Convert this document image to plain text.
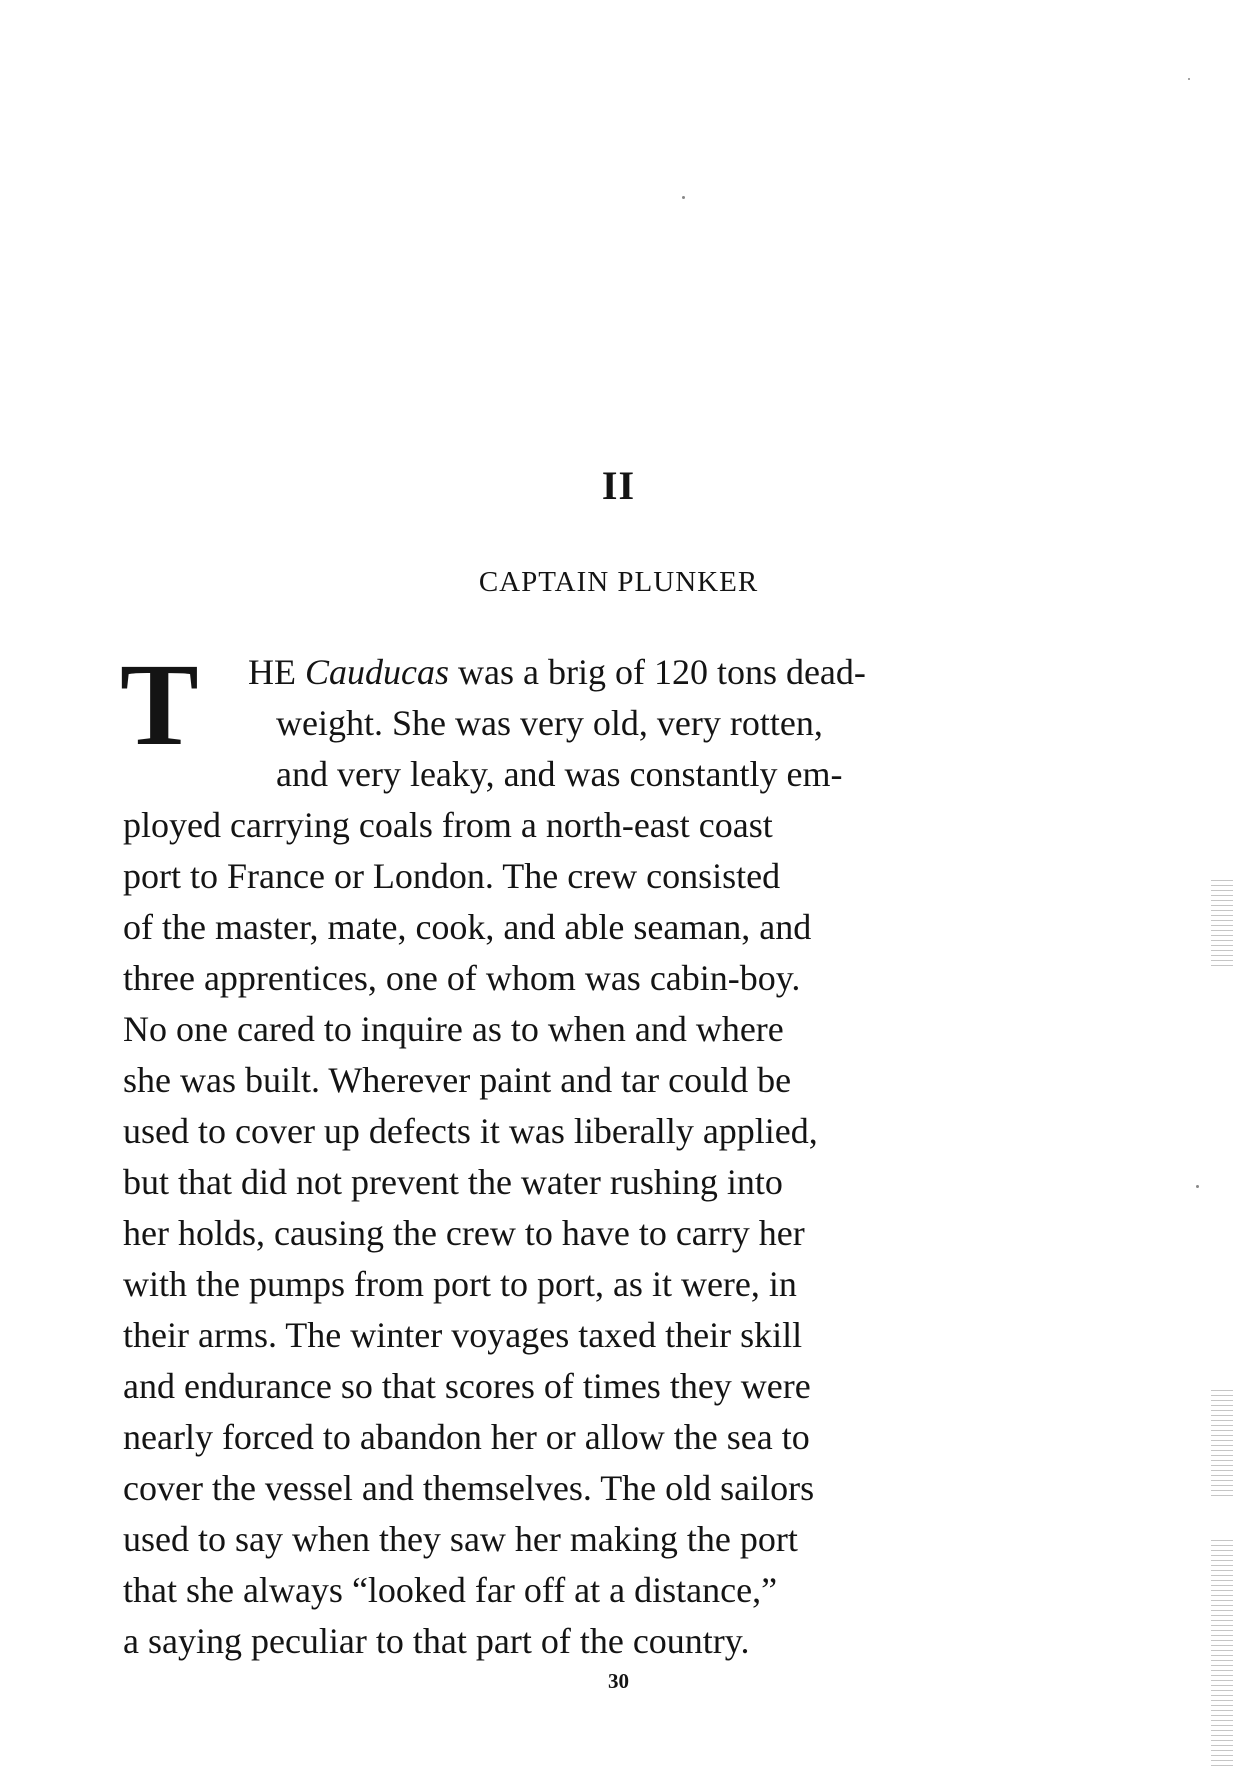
II
CAPTAIN PLUNKER
T HE Cauducas was a brig of 120 tons dead-
weight. She was very old, very rotten,
and very leaky, and was constantly em-
ployed carrying coals from a north-east coast
port to France or London. The crew consisted
of the master, mate, cook, and able seaman, and
three apprentices, one of whom was cabin-boy.
No one cared to inquire as to when and where
she was built. Wherever paint and tar could be
used to cover up defects it was liberally applied,
but that did not prevent the water rushing into
her holds, causing the crew to have to carry her
with the pumps from port to port, as it were, in
their arms. The winter voyages taxed their skill
and endurance so that scores of times they were
nearly forced to abandon her or allow the sea to
cover the vessel and themselves. The old sailors
used to say when they saw her making the port
that she always “looked far off at a distance,”
a saying peculiar to that part of the country.
30
